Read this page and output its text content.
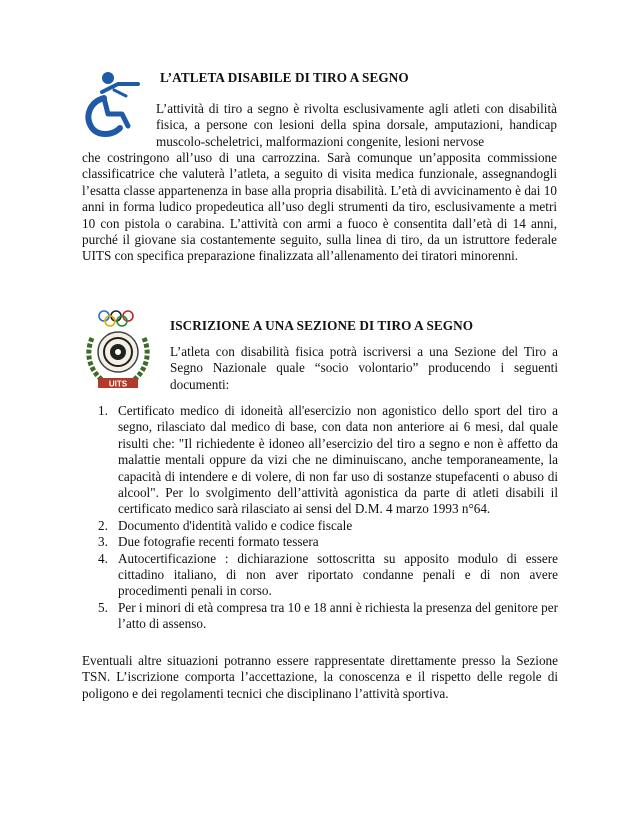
L’ATLETA DISABILE DI TIRO A SEGNO
L’attività di tiro a segno è rivolta esclusivamente agli atleti con disabilità fisica, a persone con lesioni della spina dorsale, amputazioni, handicap muscolo-scheletrici, malformazioni congenite, lesioni nervose
che costringono all’uso di una carrozzina. Sarà comunque un’apposita commissione classificatrice che valuterà l’atleta, a seguito di visita medica funzionale, assegnandogli l’esatta classe appartenenza in base alla propria disabilità. L’età di avvicinamento è dai 10 anni in forma ludico propedeutica all’uso degli strumenti da tiro, esclusivamente a metri 10 con pistola o carabina. L’attività con armi a fuoco è consentita dall’età di 14 anni, purché il giovane sia costantemente seguito, sulla linea di tiro, da un istruttore federale UITS con specifica preparazione finalizzata all’allenamento dei tiratori minorenni.
UITS
ISCRIZIONE A UNA SEZIONE DI TIRO A SEGNO
L’atleta con disabilità fisica potrà iscriversi a una Sezione del Tiro a Segno Nazionale quale “socio volontario” producendo i seguenti documenti:
1. Certificato medico di idoneità all'esercizio non agonistico dello sport del tiro a segno, rilasciato dal medico di base, con data non anteriore ai 6 mesi, dal quale risulti che: "Il richiedente è idoneo all’esercizio del tiro a segno e non è affetto da malattie mentali oppure da vizi che ne diminuiscano, anche temporaneamente, la capacità di intendere e di volere, di non far uso di sostanze stupefacenti o abuso di alcool". Per lo svolgimento dell’attività agonistica da parte di atleti disabili il certificato medico sarà rilasciato ai sensi del D.M. 4 marzo 1993 n°64.
2. Documento d'identità valido e codice fiscale
3. Due fotografie recenti formato tessera
4. Autocertificazione : dichiarazione sottoscritta su apposito modulo di essere cittadino italiano, di non aver riportato condanne penali e di non avere procedimenti penali in corso.
5. Per i minori di età compresa tra 10 e 18 anni è richiesta la presenza del genitore per l’atto di assenso.
Eventuali altre situazioni potranno essere rappresentate direttamente presso la Sezione TSN. L’iscrizione comporta l’accettazione, la conoscenza e il rispetto delle regole di poligono e dei regolamenti tecnici che disciplinano l’attività sportiva.
